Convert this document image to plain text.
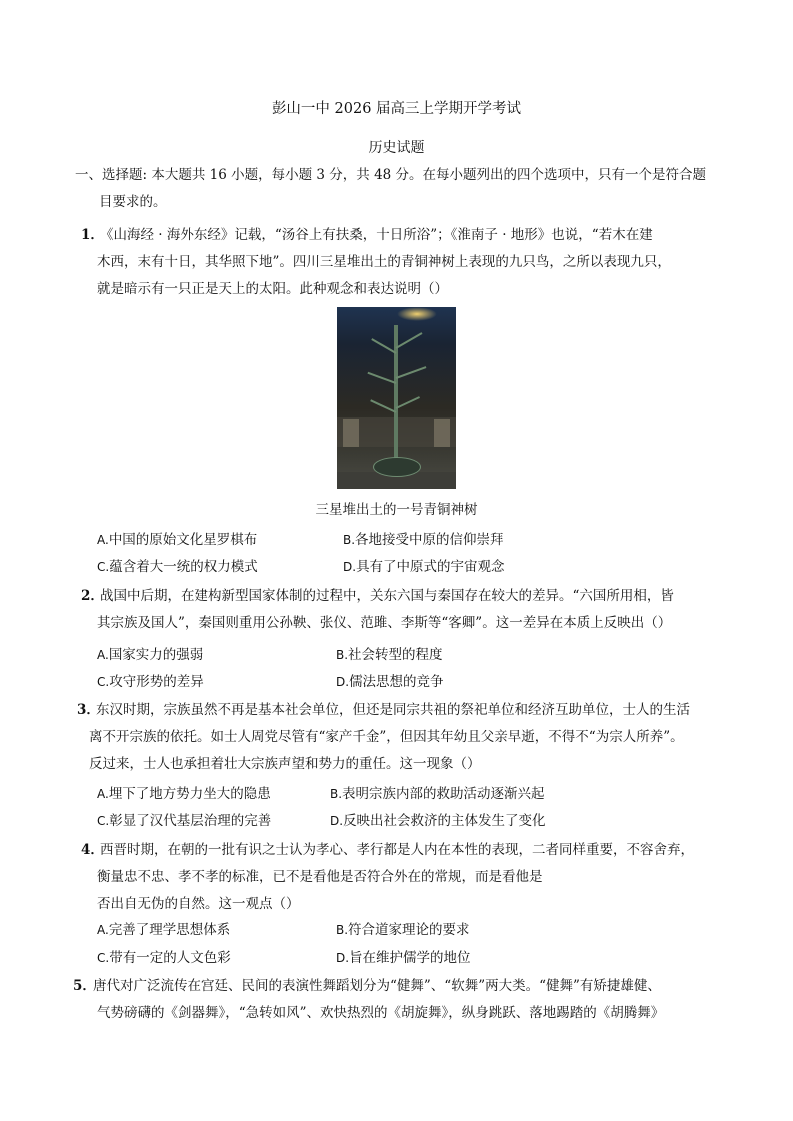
彭山一中 2026 届高三上学期开学考试
历史试题
一、选择题: 本大题共 16 小题，每小题 3 分，共 48 分。在每小题列出的四个选项中，只有一个是符合题
目要求的。
1．
《山海经 · 海外东经》记载，“汤谷上有扶桑，十日所浴”；《淮南子 · 地形》也说，“若木在建
木西，末有十日，其华照下地”。四川三星堆出土的青铜神树上表现的九只鸟，之所以表现九只，
就是暗示有一只正是天上的太阳。此种观念和表达说明（）
三星堆出土的一号青铜神树
A.中国的原始文化星罗棋布	B.各地接受中原的信仰崇拜
C.蕴含着大一统的权力模式	D.具有了中原式的宇宙观念
2．
战国中后期，在建构新型国家体制的过程中，关东六国与秦国存在较大的差异。“六国所用相，皆
其宗族及国人”，秦国则重用公孙鞅、张仪、范雎、李斯等“客卿”。这一差异在本质上反映出（）
A.国家实力的强弱	B.社会转型的程度
C.攻守形势的差异	D.儒法思想的竞争
3．
东汉时期，宗族虽然不再是基本社会单位，但还是同宗共祖的祭祀单位和经济互助单位，士人的生活
离不开宗族的依托。如士人周党尽管有“家产千金”，但因其年幼且父亲早逝，不得不“为宗人所养”。
反过来，士人也承担着壮大宗族声望和势力的重任。这一现象（）
A.埋下了地方势力坐大的隐患	B.表明宗族内部的救助活动逐渐兴起
C.彰显了汉代基层治理的完善	D.反映出社会救济的主体发生了变化
4．
西晋时期，在朝的一批有识之士认为孝心、孝行都是人内在本性的表现，二者同样重要，不容舍弃，
衡量忠不忠、孝不孝的标准，已不是看他是否符合外在的常规，而是看他是
否出自无伪的自然。这一观点（）
A.完善了理学思想体系	B.符合道家理论的要求
C.带有一定的人文色彩	D.旨在维护儒学的地位
5．
唐代对广泛流传在宫廷、民间的表演性舞蹈划分为“健舞”、“软舞”两大类。“健舞”有矫捷雄健、
气势磅礴的《剑器舞》，“急转如风”、欢快热烈的《胡旋舞》，纵身跳跃、落地踢踏的《胡腾舞》
